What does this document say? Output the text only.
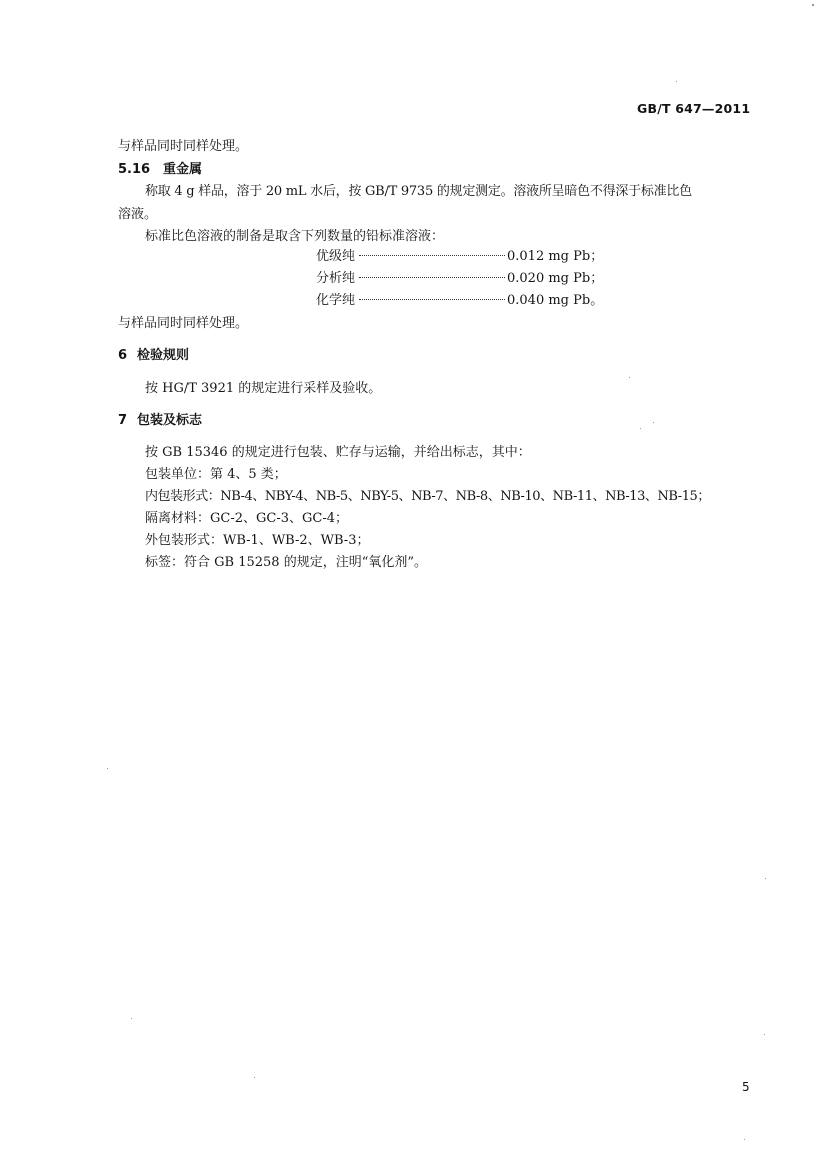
GB/T 647—2011
与样品同时同样处理。
5.16 重金属
称取 4 g 样品，溶于 20 mL 水后，按 GB/T 9735 的规定测定。溶液所呈暗色不得深于标准比色
溶液。
标准比色溶液的制备是取含下列数量的铅标准溶液：
优级纯	0.012 mg Pb；
分析纯	0.020 mg Pb；
化学纯	0.040 mg Pb。
与样品同时同样处理。
6 检验规则
按 HG/T 3921 的规定进行采样及验收。
7 包装及标志
按 GB 15346 的规定进行包装、贮存与运输，并给出标志，其中：
包装单位：第 4、5 类；
内包装形式：NB-4、NBY-4、NB-5、NBY-5、NB-7、NB-8、NB-10、NB-11、NB-13、NB-15；
隔离材料：GC-2、GC-3、GC-4；
外包装形式：WB-1、WB-2、WB-3；
标签：符合 GB 15258 的规定，注明“氧化剂”。
5
